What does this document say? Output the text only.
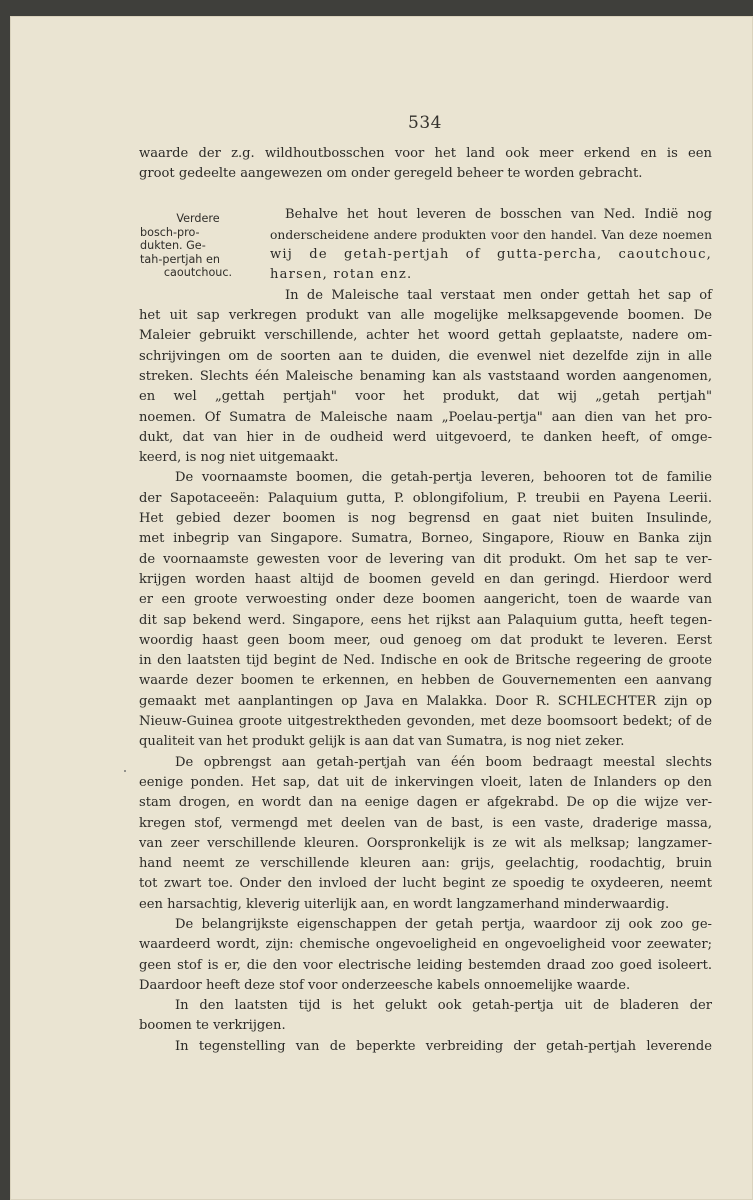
534
Verdere
bosch-pro-
dukten. Ge-
tah-pertjah en
caoutchouc.
waarde der z.g. wildhoutbosschen voor het land ook meer erkend en is een
groot gedeelte aangewezen om onder geregeld beheer te worden gebracht.
Behalve het hout leveren de bosschen van Ned. Indië nog
onderscheidene andere produkten voor den handel. Van deze noemen
wij de getah-pertjah of gutta-percha, caoutchouc,
harsen, rotan enz.
In de Maleische taal verstaat men onder gettah het sap of
het uit sap verkregen produkt van alle mogelijke melksapgevende boomen. De
Maleier gebruikt verschillende, achter het woord gettah geplaatste, nadere om-
schrijvingen om de soorten aan te duiden, die evenwel niet dezelfde zijn in alle
streken. Slechts één Maleische benaming kan als vaststaand worden aangenomen,
en wel „gettah pertjah" voor het produkt, dat wij „getah pertjah"
noemen. Of Sumatra de Maleische naam „Poelau-pertja" aan dien van het pro-
dukt, dat van hier in de oudheid werd uitgevoerd, te danken heeft, of omge-
keerd, is nog niet uitgemaakt.
De voornaamste boomen, die getah-pertja leveren, behooren tot de familie
der Sapotaceeën: Palaquium gutta, P. oblongifolium, P. treubii en Payena Leerii.
Het gebied dezer boomen is nog begrensd en gaat niet buiten Insulinde,
met inbegrip van Singapore. Sumatra, Borneo, Singapore, Riouw en Banka zijn
de voornaamste gewesten voor de levering van dit produkt. Om het sap te ver-
krijgen worden haast altijd de boomen geveld en dan geringd. Hierdoor werd
er een groote verwoesting onder deze boomen aangericht, toen de waarde van
dit sap bekend werd. Singapore, eens het rijkst aan Palaquium gutta, heeft tegen-
woordig haast geen boom meer, oud genoeg om dat produkt te leveren. Eerst
in den laatsten tijd begint de Ned. Indische en ook de Britsche regeering de groote
waarde dezer boomen te erkennen, en hebben de Gouvernementen een aanvang
gemaakt met aanplantingen op Java en Malakka. Door R. SCHLECHTER zijn op
Nieuw-Guinea groote uitgestrektheden gevonden, met deze boomsoort bedekt; of de
qualiteit van het produkt gelijk is aan dat van Sumatra, is nog niet zeker.
De opbrengst aan getah-pertjah van één boom bedraagt meestal slechts
eenige ponden. Het sap, dat uit de inkervingen vloeit, laten de Inlanders op den
stam drogen, en wordt dan na eenige dagen er afgekrabd. De op die wijze ver-
kregen stof, vermengd met deelen van de bast, is een vaste, draderige massa,
van zeer verschillende kleuren. Oorspronkelijk is ze wit als melksap; langzamer-
hand neemt ze verschillende kleuren aan: grijs, geelachtig, roodachtig, bruin
tot zwart toe. Onder den invloed der lucht begint ze spoedig te oxydeeren, neemt
een harsachtig, kleverig uiterlijk aan, en wordt langzamerhand minderwaardig.
De belangrijkste eigenschappen der getah pertja, waardoor zij ook zoo ge-
waardeerd wordt, zijn: chemische ongevoeligheid en ongevoeligheid voor zeewater;
geen stof is er, die den voor electrische leiding bestemden draad zoo goed isoleert.
Daardoor heeft deze stof voor onderzeesche kabels onnoemelijke waarde.
In den laatsten tijd is het gelukt ook getah-pertja uit de bladeren der
boomen te verkrijgen.
In tegenstelling van de beperkte verbreiding der getah-pertjah leverende
